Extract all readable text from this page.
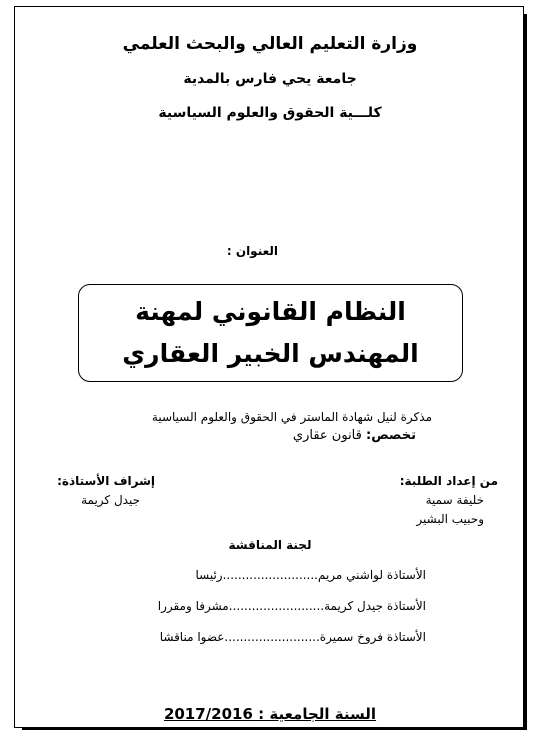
وزارة التعليم العالي والبحث العلمي
جامعة يحي فارس بالمدية
كلـــية الحقوق والعلوم السياسية
العنوان :
النظام القانوني لمهنة
المهندس الخبير العقاري
مذكرة لنيل شهادة الماستر في الحقوق والعلوم السياسية
تخصص: قانون عقاري
من إعداد الطلبة:
خليفة سمية
وحبيب البشير
إشراف الأستاذة:
جيدل كريمة
لجنة المناقشة
الأستاذة لواشني مريم.........................رئيسا
الأستاذة جيدل كريمة.........................مشرفا ومقررا
الأستاذة فروخ سميرة.........................عضوا مناقشا
السنة الجامعية : 2017/2016
